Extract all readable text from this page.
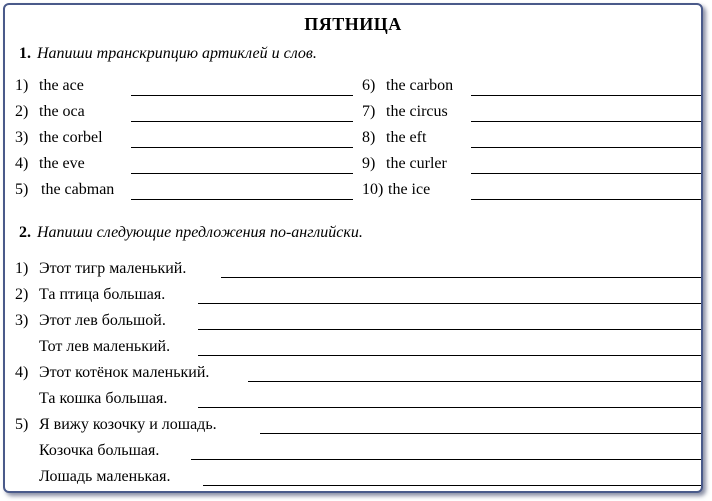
ПЯТНИЦА
1. Напиши транскрипцию артиклей и слов.
1) the ace
2) the oca
3) the corbel
4) the eve
5) the cabman
6) the carbon
7) the circus
8) the eft
9) the curler
10) the ice
2. Напиши следующие предложения по-английски.
1) Этот тигр маленький.
2) Та птица большая.
3) Этот лев большой.
Тот лев маленький.
4) Этот котёнок маленький.
Та кошка большая.
5) Я вижу козочку и лошадь.
Козочка большая.
Лошадь маленькая.
